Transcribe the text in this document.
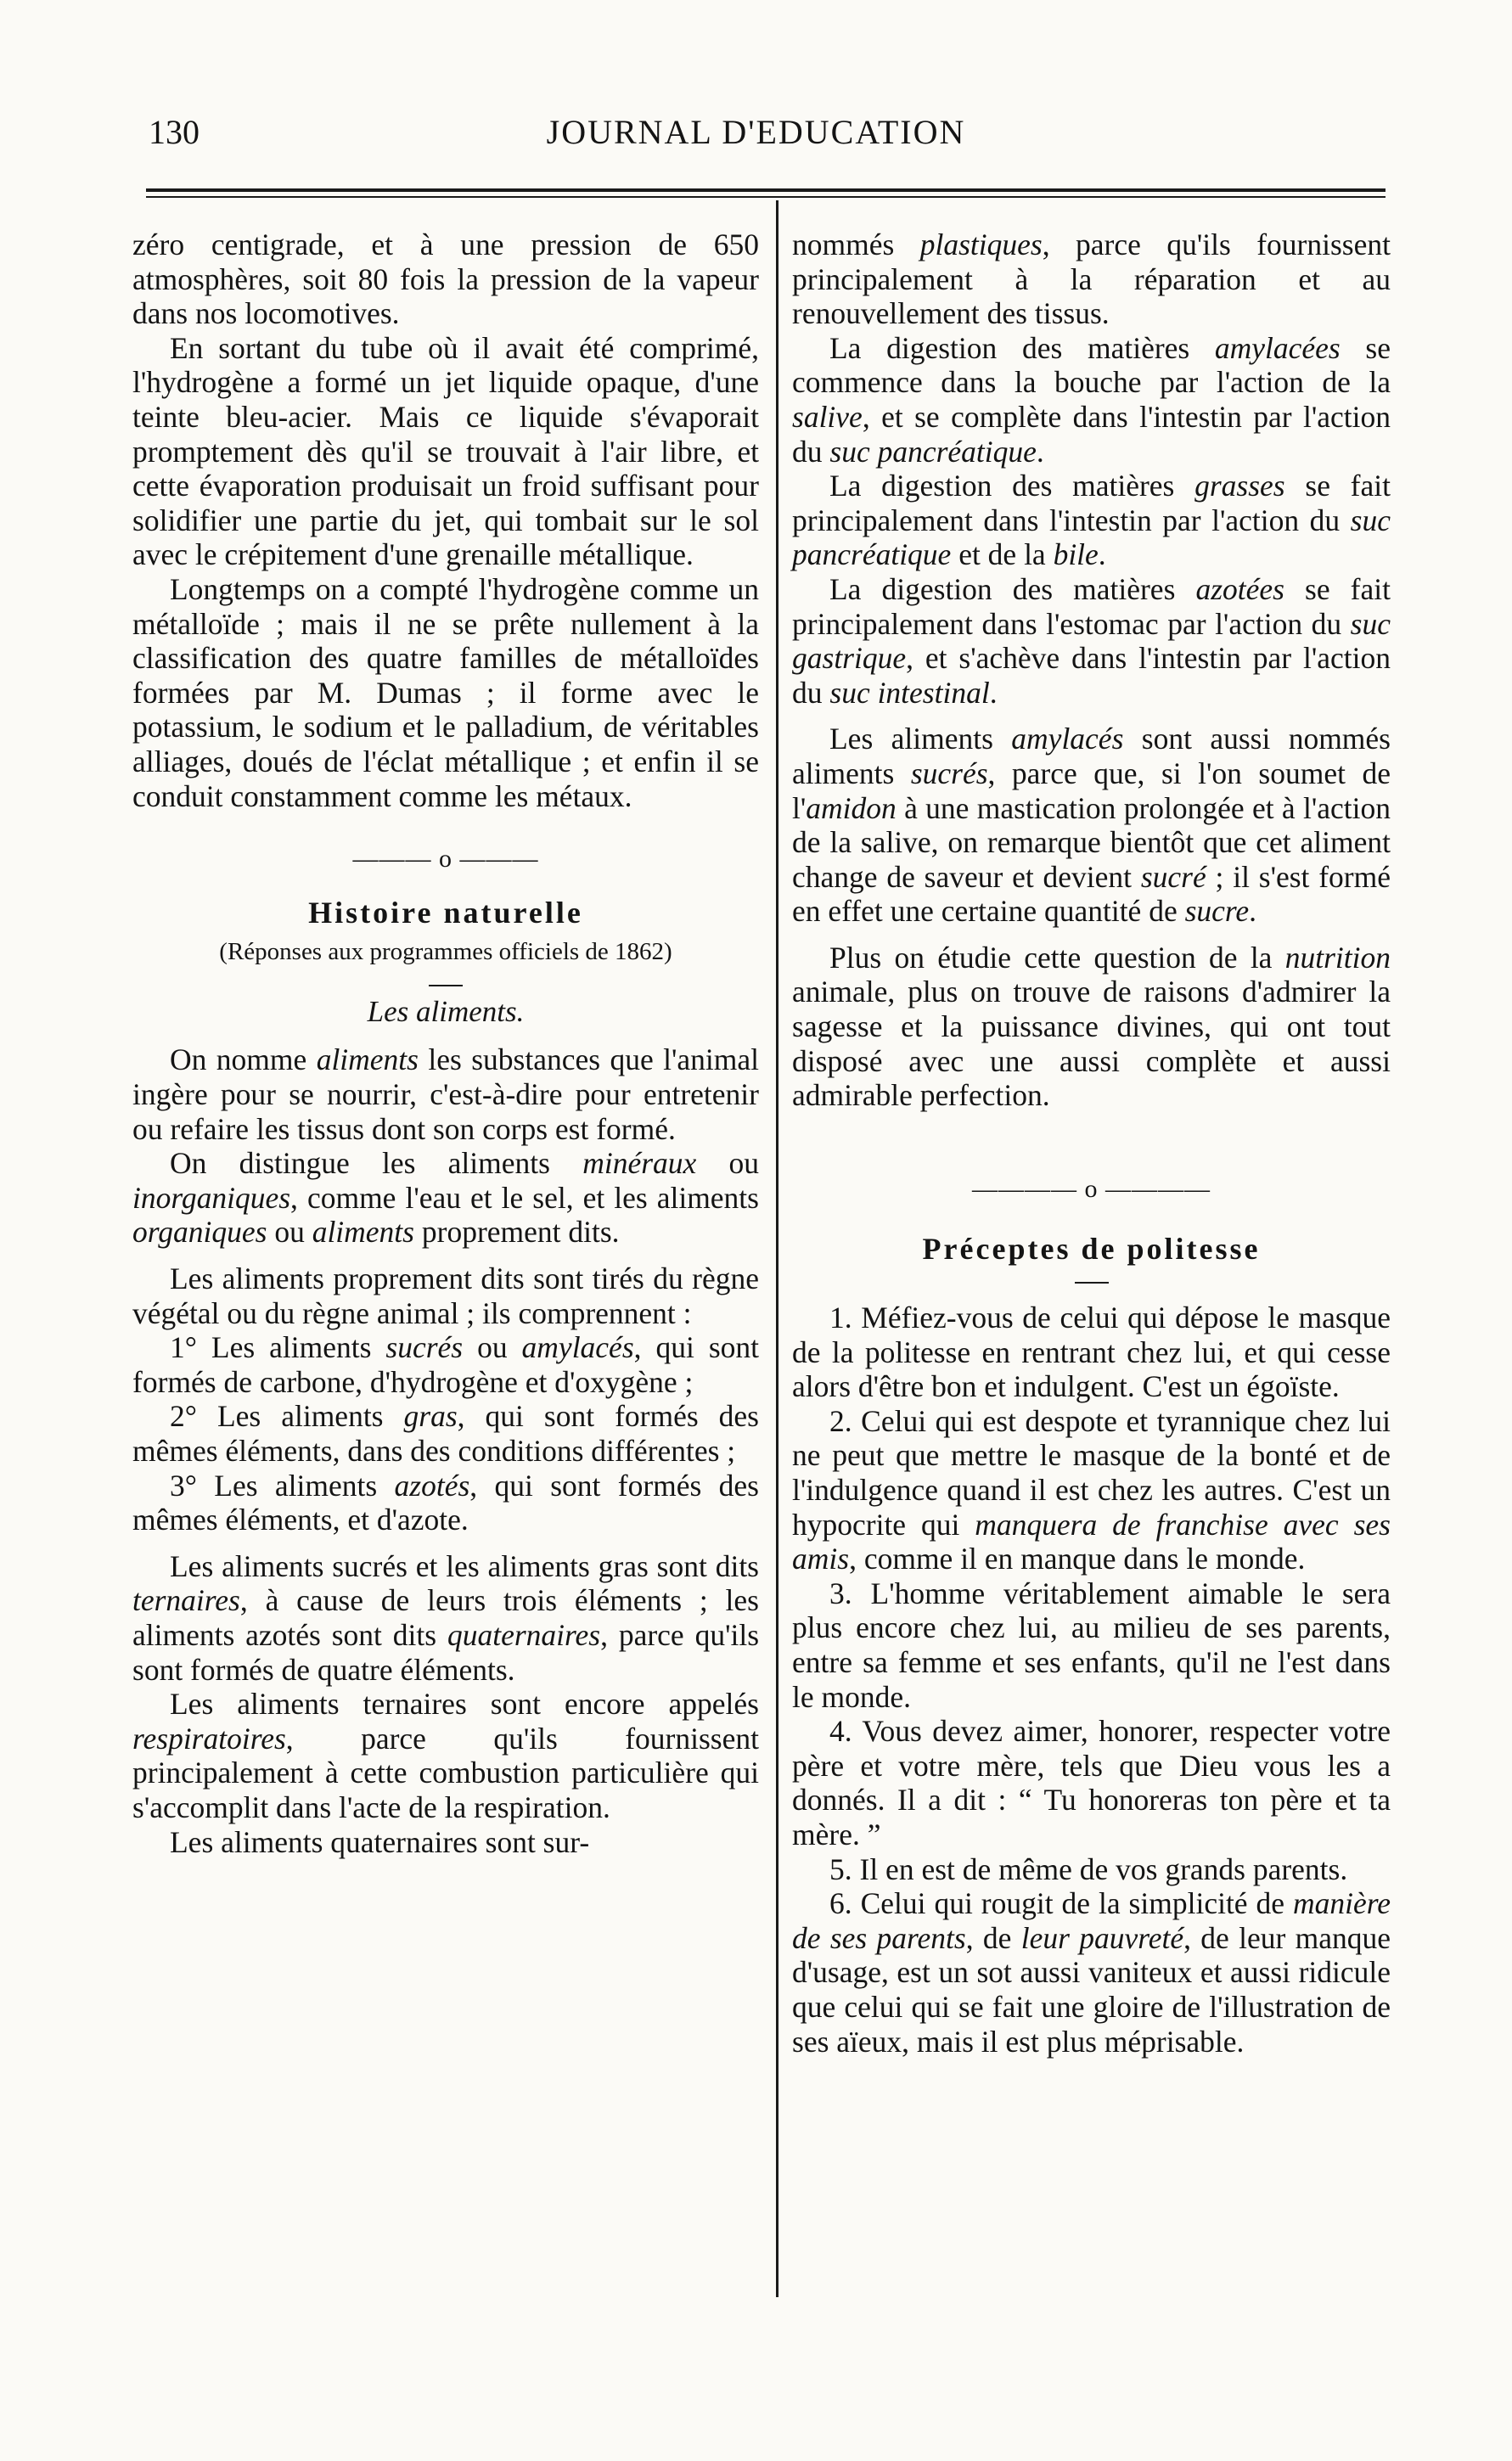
130	JOURNAL D'EDUCATION

zéro centigrade, et à une pression de 650 atmosphères, soit 80 fois la pression de la vapeur dans nos locomotives.

En sortant du tube où il avait été comprimé, l'hydrogène a formé un jet liquide opaque, d'une teinte bleu-acier. Mais ce liquide s'évaporait promptement dès qu'il se trouvait à l'air libre, et cette évaporation produisait un froid suffisant pour solidifier une partie du jet, qui tombait sur le sol avec le crépitement d'une grenaille métallique.

Longtemps on a compté l'hydrogène comme un métalloïde ; mais il ne se prête nullement à la classification des quatre familles de métalloïdes formées par M. Dumas ; il forme avec le potassium, le sodium et le palladium, de véritables alliages, doués de l'éclat métallique ; et enfin il se conduit constamment comme les métaux.

——— o ———
Histoire naturelle
(Réponses aux programmes officiels de 1862)
Les aliments.

On nomme aliments les substances que l'animal ingère pour se nourrir, c'est-à-dire pour entretenir ou refaire les tissus dont son corps est formé.

On distingue les aliments minéraux ou inorganiques, comme l'eau et le sel, et les aliments organiques ou aliments proprement dits.

Les aliments proprement dits sont tirés du règne végétal ou du règne animal ; ils comprennent :

1° Les aliments sucrés ou amylacés, qui sont formés de carbone, d'hydrogène et d'oxygène ;

2° Les aliments gras, qui sont formés des mêmes éléments, dans des conditions différentes ;

3° Les aliments azotés, qui sont formés des mêmes éléments, et d'azote.

Les aliments sucrés et les aliments gras sont dits ternaires, à cause de leurs trois éléments ; les aliments azotés sont dits quaternaires, parce qu'ils sont formés de quatre éléments.

Les aliments ternaires sont encore appelés respiratoires, parce qu'ils fournissent principalement à cette combustion particulière qui s'accomplit dans l'acte de la respiration.

Les aliments quaternaires sont sur-

nommés plastiques, parce qu'ils fournissent principalement à la réparation et au renouvellement des tissus.

La digestion des matières amylacées se commence dans la bouche par l'action de la salive, et se complète dans l'intestin par l'action du suc pancréatique.

La digestion des matières grasses se fait principalement dans l'intestin par l'action du suc pancréatique et de la bile.

La digestion des matières azotées se fait principalement dans l'estomac par l'action du suc gastrique, et s'achève dans l'intestin par l'action du suc intestinal.

Les aliments amylacés sont aussi nommés aliments sucrés, parce que, si l'on soumet de l'amidon à une mastication prolongée et à l'action de la salive, on remarque bientôt que cet aliment change de saveur et devient sucré ; il s'est formé en effet une certaine quantité de sucre.

Plus on étudie cette question de la nutrition animale, plus on trouve de raisons d'admirer la sagesse et la puissance divines, qui ont tout disposé avec une aussi complète et aussi admirable perfection.

———— o ————
Préceptes de politesse

1. Méfiez-vous de celui qui dépose le masque de la politesse en rentrant chez lui, et qui cesse alors d'être bon et indulgent. C'est un égoïste.

2. Celui qui est despote et tyrannique chez lui ne peut que mettre le masque de la bonté et de l'indulgence quand il est chez les autres. C'est un hypocrite qui manquera de franchise avec ses amis, comme il en manque dans le monde.

3. L'homme véritablement aimable le sera plus encore chez lui, au milieu de ses parents, entre sa femme et ses enfants, qu'il ne l'est dans le monde.

4. Vous devez aimer, honorer, respecter votre père et votre mère, tels que Dieu vous les a donnés. Il a dit : “ Tu honoreras ton père et ta mère. ”

5. Il en est de même de vos grands parents.

6. Celui qui rougit de la simplicité de manière de ses parents, de leur pauvreté, de leur manque d'usage, est un sot aussi vaniteux et aussi ridicule que celui qui se fait une gloire de l'illustration de ses aïeux, mais il est plus méprisable.
